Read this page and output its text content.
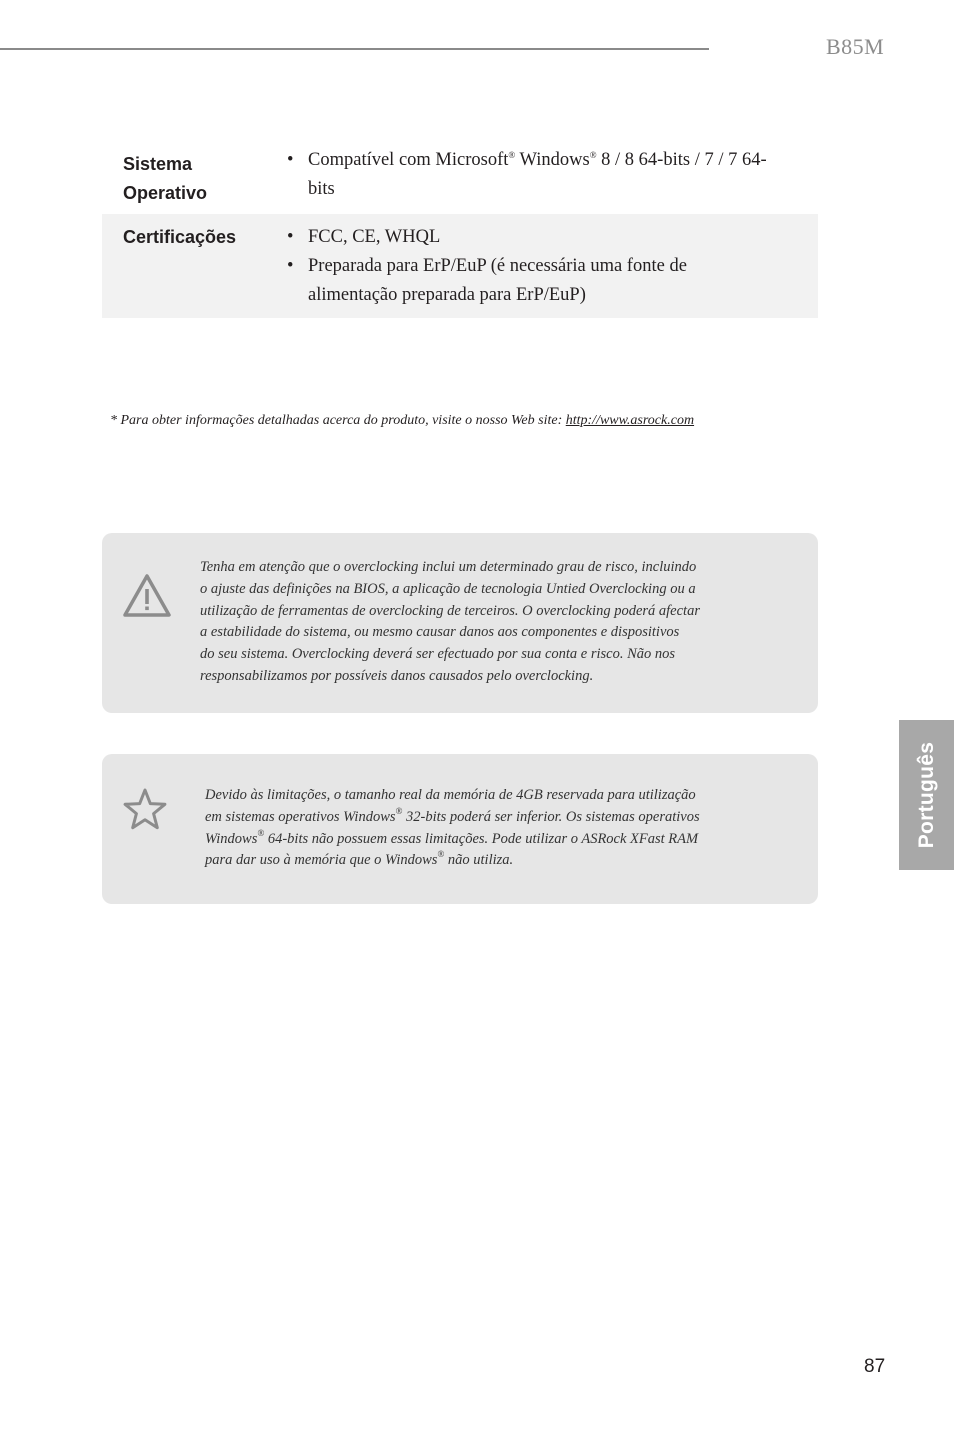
B85M
Sistema
Operativo
• Compatível com Microsoft® Windows® 8 / 8 64-bits / 7 / 7 64-
bits
Certificações
•	FCC, CE, WHQL
• Preparada para ErP/EuP (é necessária uma fonte de
alimentação preparada para ErP/EuP)
* Para obter informações detalhadas acerca do produto, visite o nosso Web site: http://www.asrock.com
Tenha em atenção que o overclocking inclui um determinado grau de risco, incluindo
o ajuste das definições na BIOS, a aplicação de tecnologia Untied Overclocking ou a
utilização de ferramentas de overclocking de terceiros. O overclocking poderá afectar
a estabilidade do sistema, ou mesmo causar danos aos componentes e dispositivos
do seu sistema. Overclocking deverá ser efectuado por sua conta e risco. Não nos
responsabilizamos por possíveis danos causados pelo overclocking.
Devido às limitações, o tamanho real da memória de 4GB reservada para utilização
em sistemas operativos Windows® 32-bits poderá ser inferior. Os sistemas operativos
Windows® 64-bits não possuem essas limitações. Pode utilizar o ASRock XFast RAM
para dar uso à memória que o Windows® não utiliza.
Português
87
